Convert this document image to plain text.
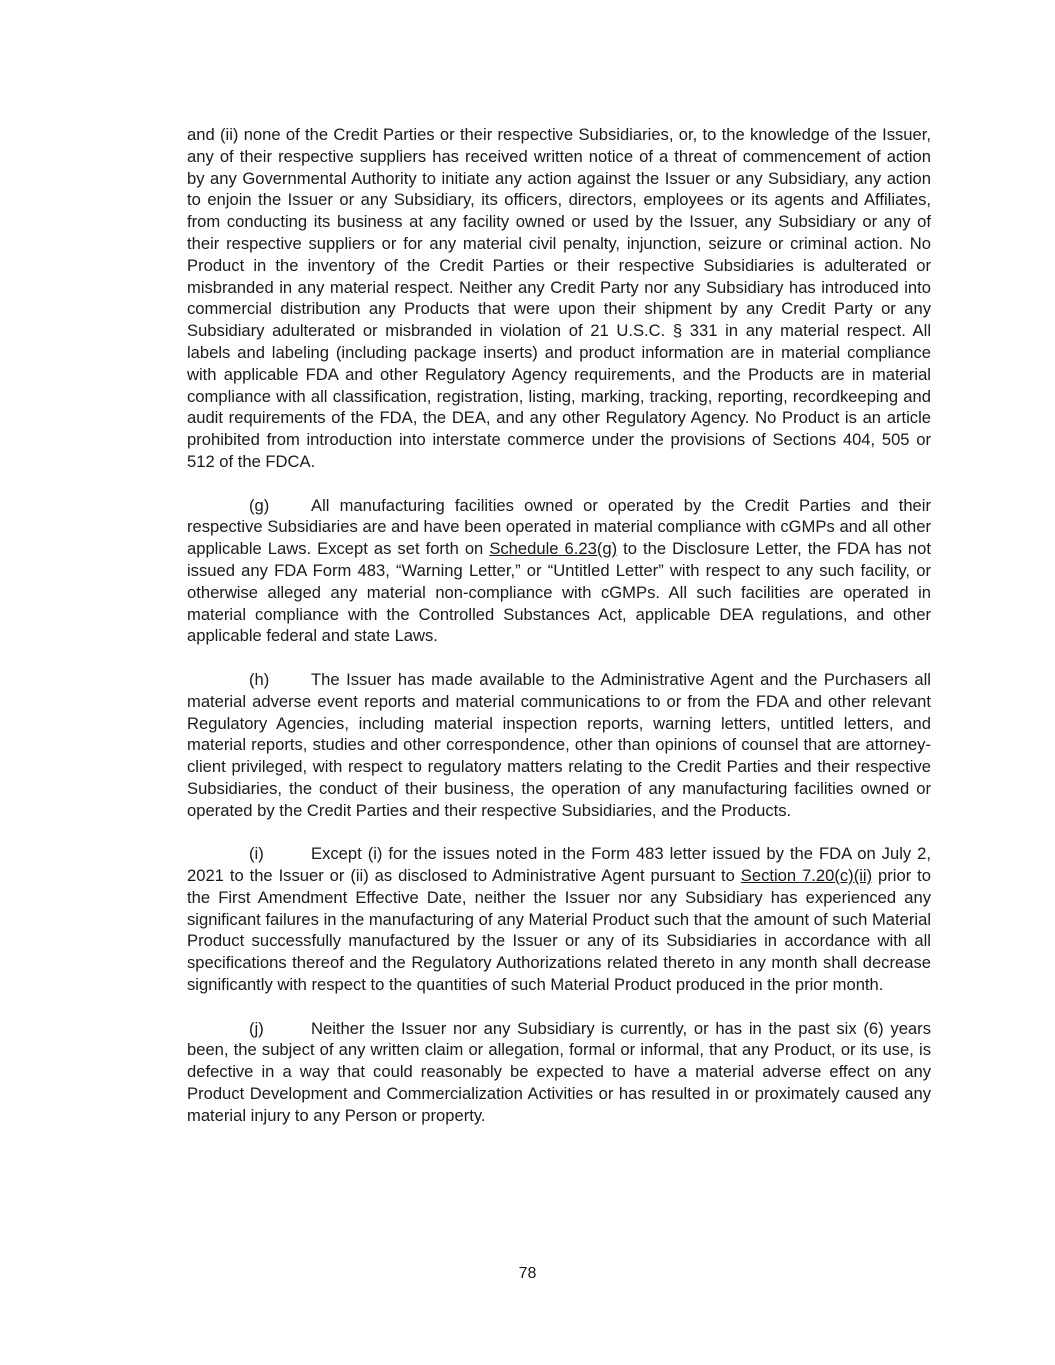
and (ii) none of the Credit Parties or their respective Subsidiaries, or, to the knowledge of the Issuer, any of their respective suppliers has received written notice of a threat of commencement of action by any Governmental Authority to initiate any action against the Issuer or any Subsidiary, any action to enjoin the Issuer or any Subsidiary, its officers, directors, employees or its agents and Affiliates, from conducting its business at any facility owned or used by the Issuer, any Subsidiary or any of their respective suppliers or for any material civil penalty, injunction, seizure or criminal action. No Product in the inventory of the Credit Parties or their respective Subsidiaries is adulterated or misbranded in any material respect. Neither any Credit Party nor any Subsidiary has introduced into commercial distribution any Products that were upon their shipment by any Credit Party or any Subsidiary adulterated or misbranded in violation of 21 U.S.C. § 331 in any material respect. All labels and labeling (including package inserts) and product information are in material compliance with applicable FDA and other Regulatory Agency requirements, and the Products are in material compliance with all classification, registration, listing, marking, tracking, reporting, recordkeeping and audit requirements of the FDA, the DEA, and any other Regulatory Agency. No Product is an article prohibited from introduction into interstate commerce under the provisions of Sections 404, 505 or 512 of the FDCA.

(g)	All manufacturing facilities owned or operated by the Credit Parties and their respective Subsidiaries are and have been operated in material compliance with cGMPs and all other applicable Laws. Except as set forth on Schedule 6.23(g) to the Disclosure Letter, the FDA has not issued any FDA Form 483, “Warning Letter,” or “Untitled Letter” with respect to any such facility, or otherwise alleged any material non-compliance with cGMPs. All such facilities are operated in material compliance with the Controlled Substances Act, applicable DEA regulations, and other applicable federal and state Laws.

(h)	The Issuer has made available to the Administrative Agent and the Purchasers all material adverse event reports and material communications to or from the FDA and other relevant Regulatory Agencies, including material inspection reports, warning letters, untitled letters, and material reports, studies and other correspondence, other than opinions of counsel that are attorney-client privileged, with respect to regulatory matters relating to the Credit Parties and their respective Subsidiaries, the conduct of their business, the operation of any manufacturing facilities owned or operated by the Credit Parties and their respective Subsidiaries, and the Products.

(i)	Except (i) for the issues noted in the Form 483 letter issued by the FDA on July 2, 2021 to the Issuer or (ii) as disclosed to Administrative Agent pursuant to Section 7.20(c)(ii) prior to the First Amendment Effective Date, neither the Issuer nor any Subsidiary has experienced any significant failures in the manufacturing of any Material Product such that the amount of such Material Product successfully manufactured by the Issuer or any of its Subsidiaries in accordance with all specifications thereof and the Regulatory Authorizations related thereto in any month shall decrease significantly with respect to the quantities of such Material Product produced in the prior month.

(j)	Neither the Issuer nor any Subsidiary is currently, or has in the past six (6) years been, the subject of any written claim or allegation, formal or informal, that any Product, or its use, is defective in a way that could reasonably be expected to have a material adverse effect on any Product Development and Commercialization Activities or has resulted in or proximately caused any material injury to any Person or property.

78
